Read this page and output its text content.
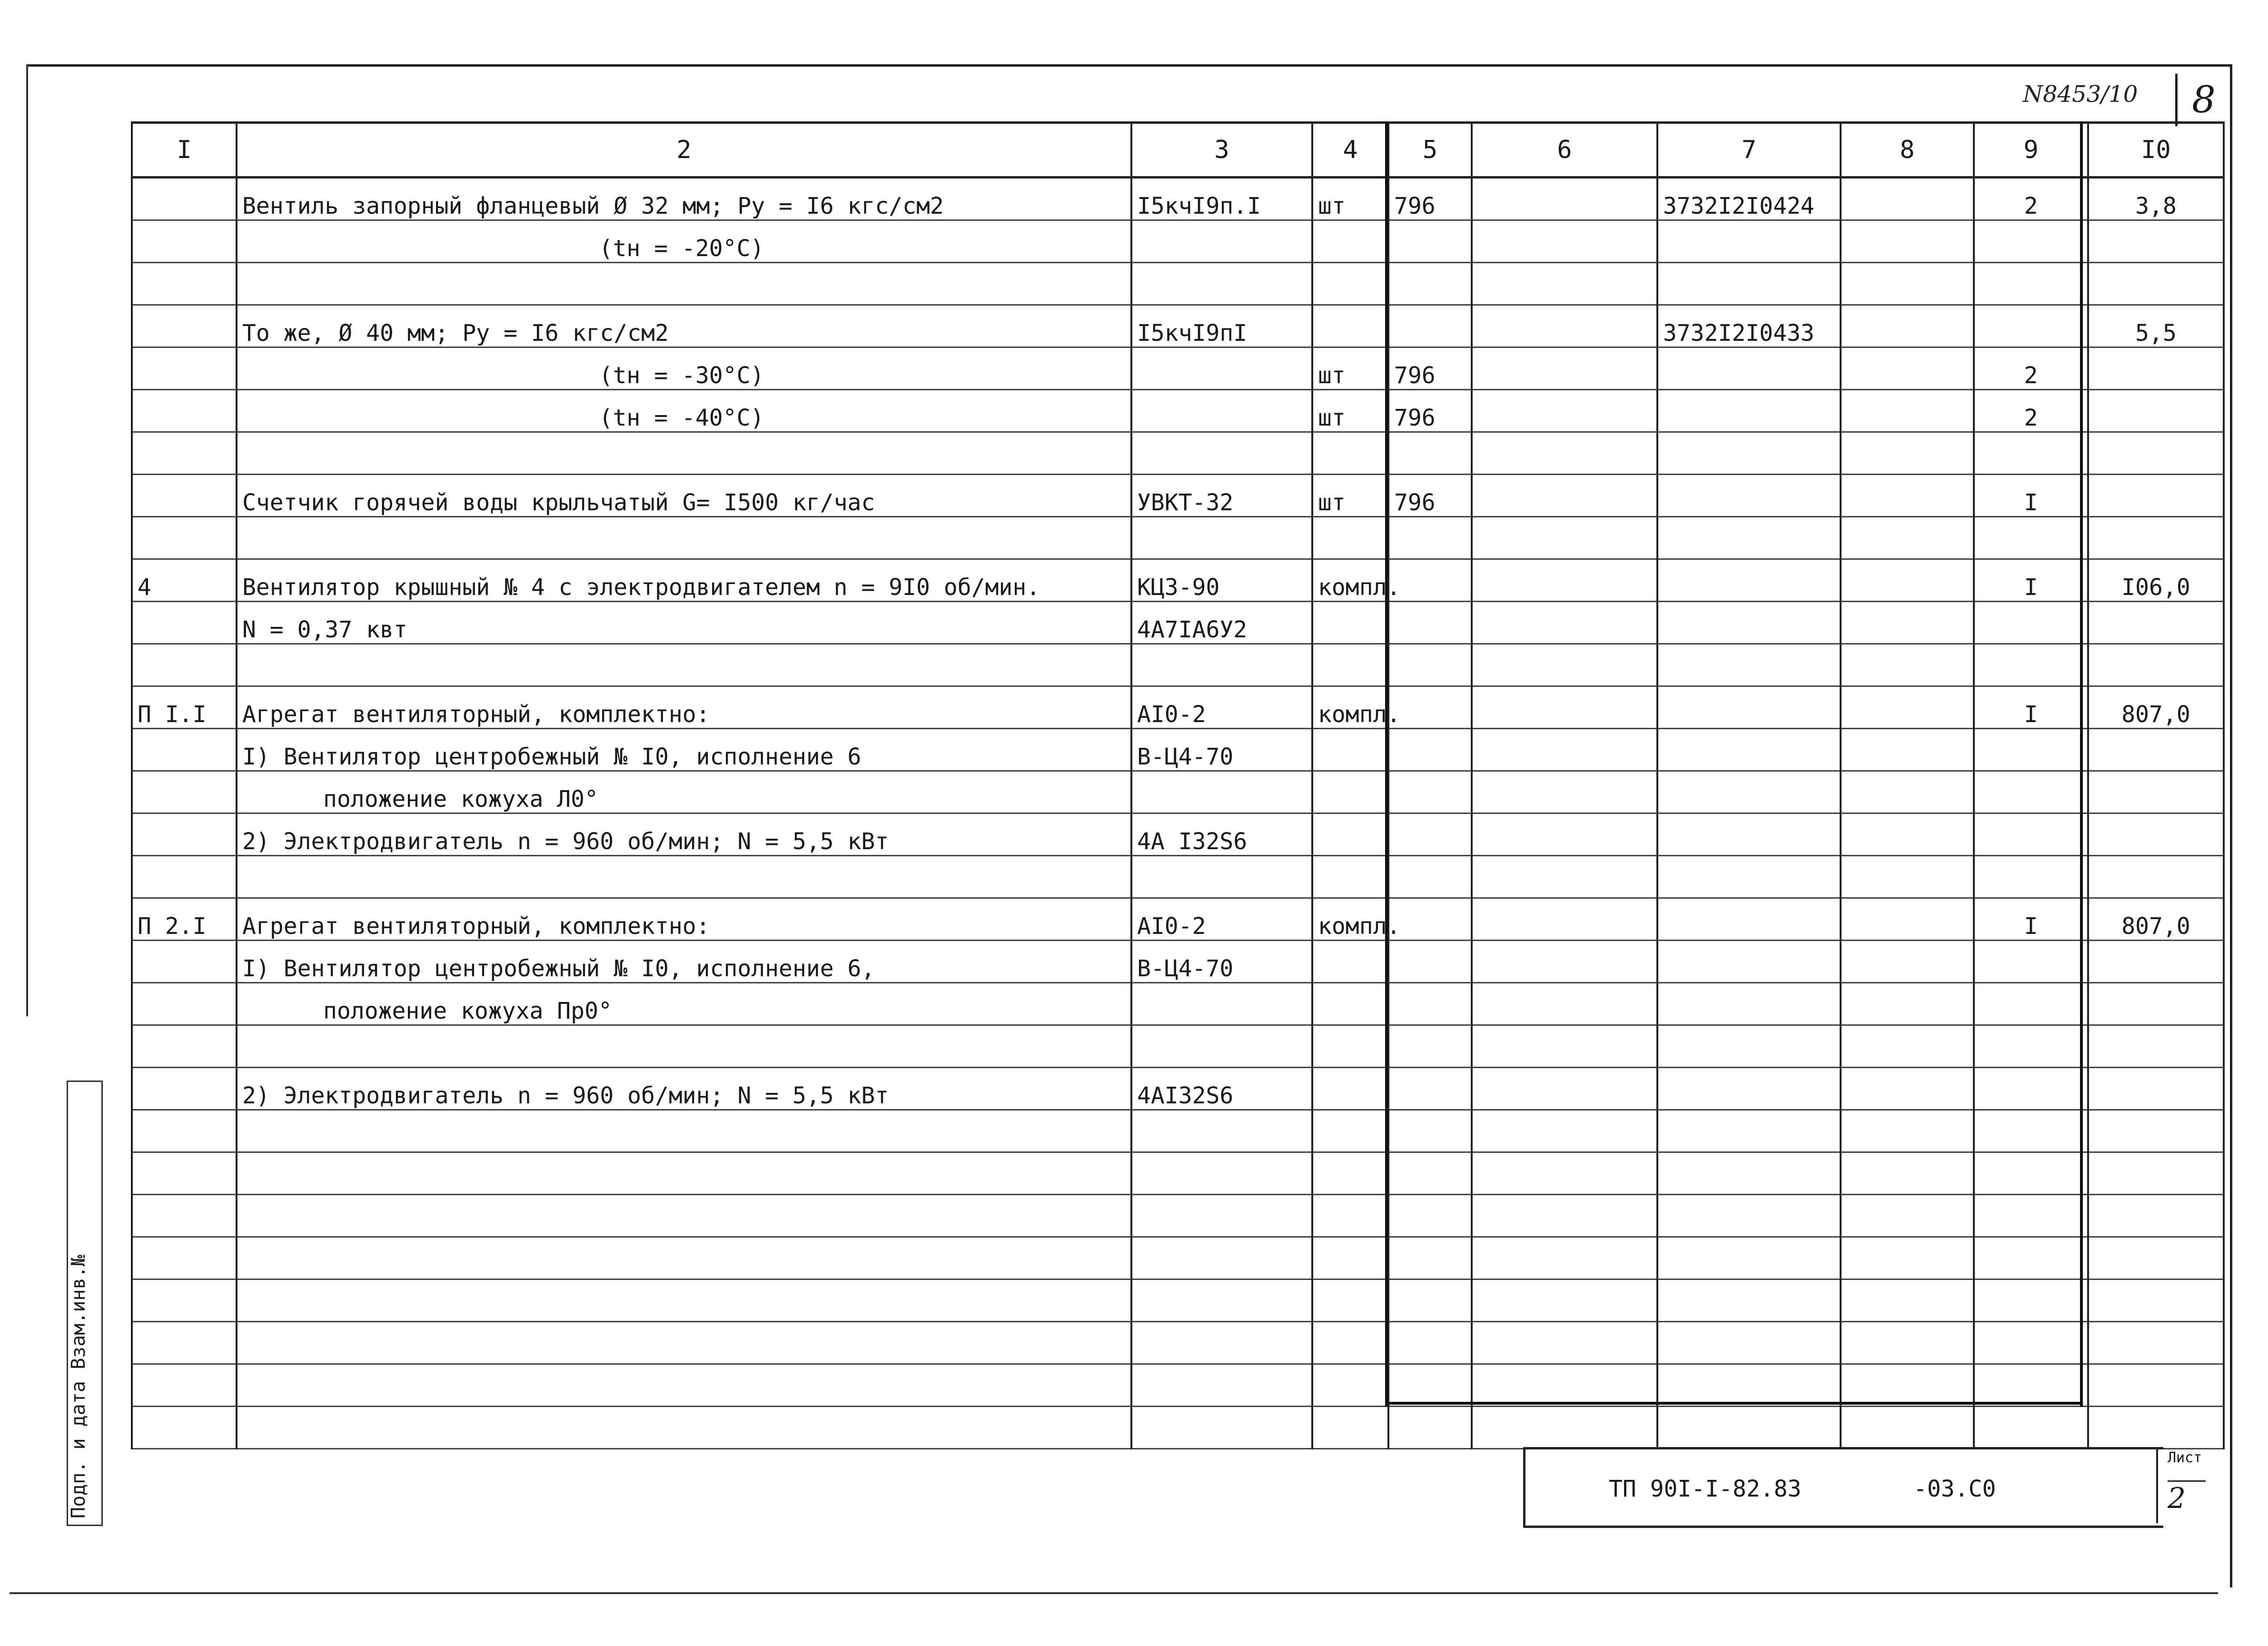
N8453/10	8
Подп. и дата Взам.инв.№
I	2	3	4	5	6	7	8	9	I0
	Вентиль запорный фланцевый Ø 32 мм; Ру = I6 кгс/см2	I5кчI9п.I	шт	796		3732I2I0424		2	3,8
	(tн = -20°C)								

	То же, Ø 40 мм; Ру = I6 кгс/см2	I5кчI9пI				3732I2I0433			5,5
	(tн = -30°C)		шт	796				2	
	(tн = -40°C)		шт	796				2	

	Счетчик горячей воды крыльчатый G= I500 кг/час	УВКТ-32	шт	796				I	

4	Вентилятор крышный № 4 с электродвигателем n = 9I0 об/мин.	КЦ3-90	компл.					I	I06,0
	N = 0,37 квт	4А7IА6У2							

П I.I	Агрегат вентиляторный, комплектно:	АI0-2	компл.					I	807,0
	I) Вентилятор центробежный № I0, исполнение 6	В-Ц4-70							
	положение кожуха Л0°								
	2) Электродвигатель n = 960 об/мин; N = 5,5 кВт	4А I32S6							

П 2.I	Агрегат вентиляторный, комплектно:	АI0-2	компл.					I	807,0
	I) Вентилятор центробежный № I0, исполнение 6,	В-Ц4-70							
	положение кожуха Пр0°								

	2) Электродвигатель n = 960 об/мин; N = 5,5 кВт	4АI32S6							

ТП 90I-I-82.83	-03.С0
Лист
2
